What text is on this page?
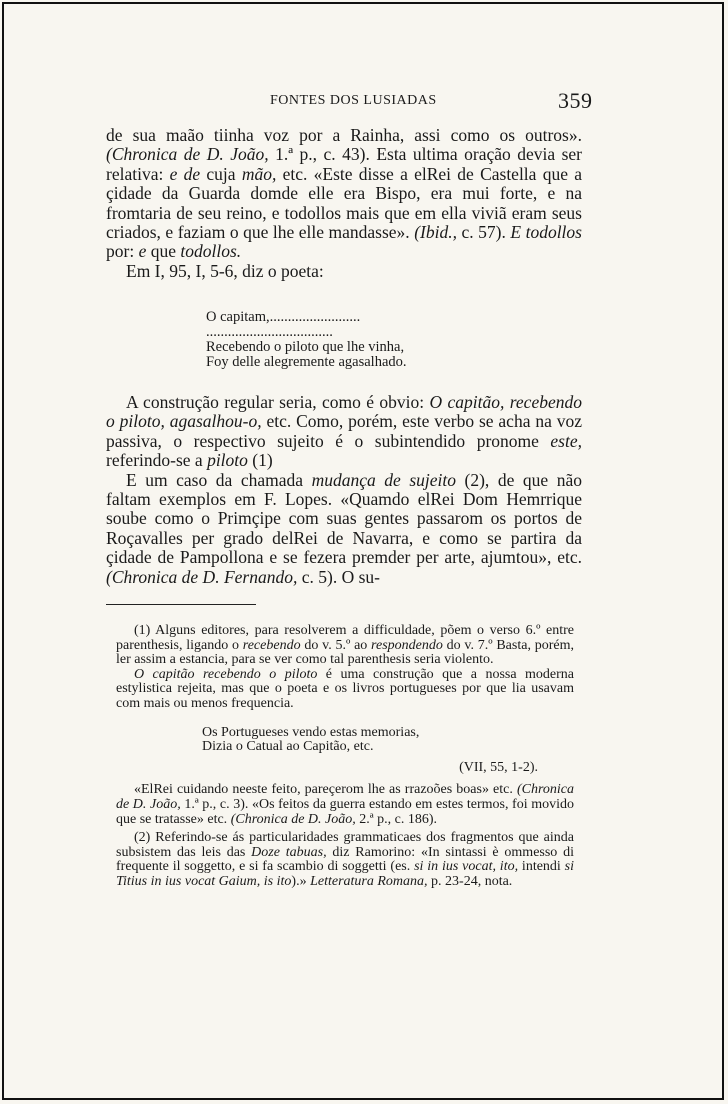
FONTES DOS LUSIADAS	359

de sua maão tiinha voz por a Rainha, assi como os outros». (Chronica de D. João, 1.ª p., c. 43). Esta ultima oração devia ser relativa: e de cuja mão, etc. «Este disse a elRei de Castella que a çidade da Guarda domde elle era Bispo, era mui forte, e na fromtaria de seu reino, e todollos mais que em ella viviã eram seus criados, e faziam o que lhe elle mandasse». (Ibid., c. 57). E todollos por: e que todollos.

Em I, 95, I, 5-6, diz o poeta:

O capitam,.........................
...................................
Recebendo o piloto que lhe vinha,
Foy delle alegremente agasalhado.

A construção regular seria, como é obvio: O capitão, recebendo o piloto, agasalhou-o, etc. Como, porém, este verbo se acha na voz passiva, o respectivo sujeito é o subintendido pronome este, referindo-se a piloto (1)

E um caso da chamada mudança de sujeito (2), de que não faltam exemplos em F. Lopes. «Quamdo elRei Dom Hemrrique soube como o Primçipe com suas gentes passarom os portos de Roçavalles per grado delRei de Navarra, e como se partira da çidade de Pampollona e se fezera premder per arte, ajumtou», etc. (Chronica de D. Fernando, c. 5). O su-

(1) Alguns editores, para resolverem a difficuldade, põem o verso 6.º entre parenthesis, ligando o recebendo do v. 5.º ao respondendo do v. 7.º Basta, porém, ler assim a estancia, para se ver como tal parenthesis seria violento.

O capitão recebendo o piloto é uma construção que a nossa moderna estylistica rejeita, mas que o poeta e os livros portugueses por que lia usavam com mais ou menos frequencia.

Os Portugueses vendo estas memorias,
Dizia o Catual ao Capitão, etc.

(VII, 55, 1-2).

«ElRei cuidando neeste feito, pareçerom lhe as rrazoões boas» etc. (Chronica de D. João, 1.ª p., c. 3). «Os feitos da guerra estando em estes termos, foi movido que se tratasse» etc. (Chronica de D. João, 2.ª p., c. 186).

(2) Referindo-se ás particularidades grammaticaes dos fragmentos que ainda subsistem das leis das Doze tabuas, diz Ramorino: «In sintassi è ommesso di frequente il soggetto, e si fa scambio di soggetti (es. si in ius vocat, ito, intendi si Titius in ius vocat Gaium, is ito).» Letteratura Romana, p. 23-24, nota.
